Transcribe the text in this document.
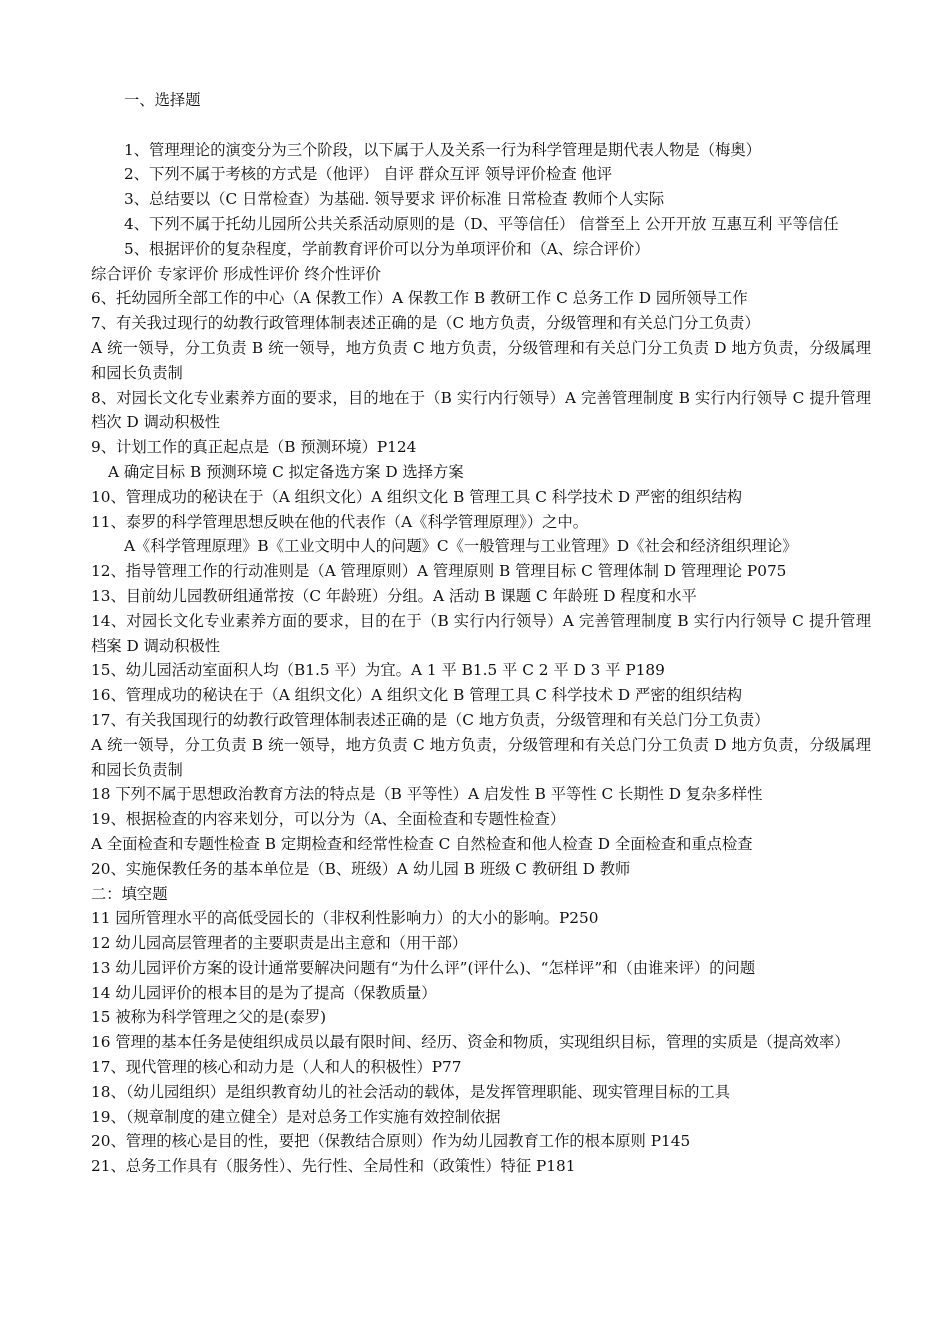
一、选择题
1、管理理论的演变分为三个阶段，以下属于人及关系一行为科学管理是期代表人物是（梅奥）
2、下列不属于考核的方式是（他评） 自评 群众互评 领导评价检查 他评
3、总结要以（C 日常检查）为基础. 领导要求 评价标准 日常检查 教师个人实际
4、下列不属于托幼儿园所公共关系活动原则的是（D、平等信任） 信誉至上 公开开放 互惠互利 平等信任
5、根据评价的复杂程度，学前教育评价可以分为单项评价和（A、综合评价）
综合评价 专家评价 形成性评价 终介性评价
6、托幼园所全部工作的中心（A 保教工作）A 保教工作 B 教研工作 C 总务工作 D 园所领导工作
7、有关我过现行的幼教行政管理体制表述正确的是（C 地方负责，分级管理和有关总门分工负责）
A 统一领导，分工负责 B 统一领导，地方负责 C 地方负责，分级管理和有关总门分工负责 D 地方负责，分级属理和园长负责制
8、对园长文化专业素养方面的要求，目的地在于（B 实行内行领导）A 完善管理制度 B 实行内行领导 C 提升管理档次 D 调动积极性
9、计划工作的真正起点是（B 预测环境）P124
A 确定目标 B 预测环境 C 拟定备选方案 D 选择方案
10、管理成功的秘诀在于（A 组织文化）A 组织文化 B 管理工具 C 科学技术 D 严密的组织结构
11、泰罗的科学管理思想反映在他的代表作（A《科学管理原理》）之中。
A《科学管理原理》B《工业文明中人的问题》C《一般管理与工业管理》D《社会和经济组织理论》
12、指导管理工作的行动准则是（A 管理原则）A 管理原则 B 管理目标 C 管理体制 D 管理理论 P075
13、目前幼儿园教研组通常按（C 年龄班）分组。A 活动 B 课题 C 年龄班 D 程度和水平
14、对园长文化专业素养方面的要求，目的在于（B 实行内行领导）A 完善管理制度 B 实行内行领导 C 提升管理档案 D 调动积极性
15、幼儿园活动室面积人均（B1.5 平）为宜。A 1 平 B1.5 平 C 2 平 D 3 平 P189
16、管理成功的秘诀在于（A 组织文化）A 组织文化 B 管理工具 C 科学技术 D 严密的组织结构
17、有关我国现行的幼教行政管理体制表述正确的是（C 地方负责，分级管理和有关总门分工负责）
A 统一领导，分工负责 B 统一领导，地方负责 C 地方负责，分级管理和有关总门分工负责 D 地方负责，分级属理和园长负责制
18 下列不属于思想政治教育方法的特点是（B 平等性）A 启发性 B 平等性 C 长期性 D 复杂多样性
19、根据检查的内容来划分，可以分为（A、全面检查和专题性检查）
A 全面检查和专题性检查 B 定期检查和经常性检查 C 自然检查和他人检查 D 全面检查和重点检查
20、实施保教任务的基本单位是（B、班级）A 幼儿园 B 班级 C 教研组 D 教师
二：填空题
11 园所管理水平的高低受园长的（非权利性影响力）的大小的影响。P250
12 幼儿园高层管理者的主要职责是出主意和（用干部）
13 幼儿园评价方案的设计通常要解决问题有“为什么评”(评什么)、“怎样评”和（由谁来评）的问题
14 幼儿园评价的根本目的是为了提高（保教质量）
15 被称为科学管理之父的是(泰罗)
16 管理的基本任务是使组织成员以最有限时间、经历、资金和物质，实现组织目标，管理的实质是（提高效率）
17、现代管理的核心和动力是（人和人的积极性）P77
18、（幼儿园组织）是组织教育幼儿的社会活动的载体，是发挥管理职能、现实管理目标的工具
19、（规章制度的建立健全）是对总务工作实施有效控制依据
20、管理的核心是目的性，要把（保教结合原则）作为幼儿园教育工作的根本原则 P145
21、总务工作具有（服务性）、先行性、全局性和（政策性）特征 P181
